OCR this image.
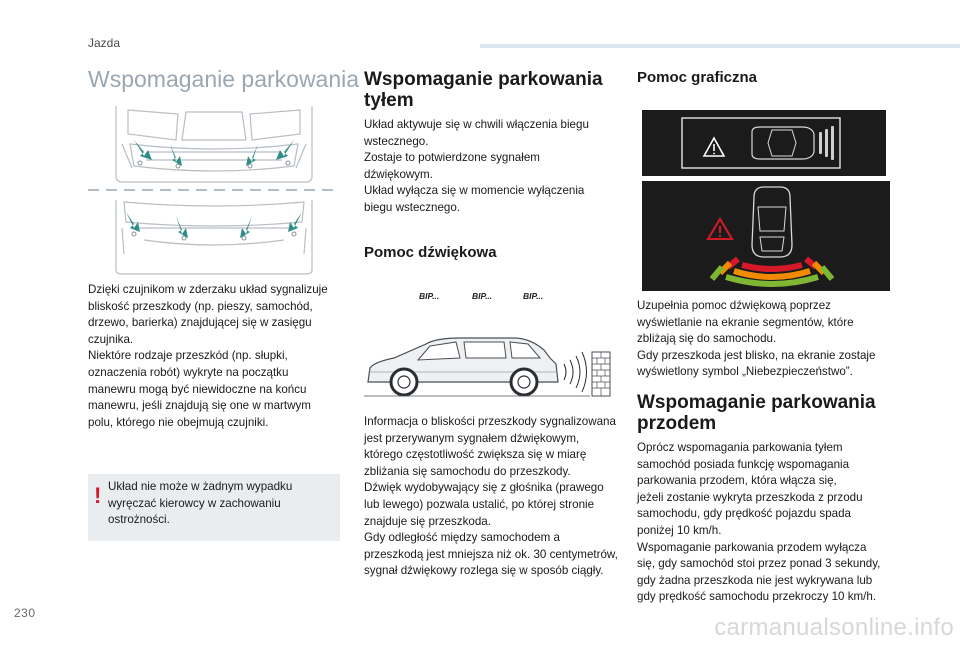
Jazda
230
carmanualsonline.info
Wspomaganie parkowania

Dzięki czujnikom w zderzaku układ sygnalizuje

bliskość przeszkody (np. pieszy, samochód,

drzewo, barierka) znajdującej się w zasięgu

czujnika.

Niektóre rodzaje przeszkód (np. słupki,

oznaczenia robót) wykryte na początku

manewru mogą być niewidoczne na końcu

manewru, jeśli znajdują się one w martwym

polu, którego nie obejmują czujniki.

! Układ nie może w żadnym wypadku

wyręczać kierowcy w zachowaniu

ostrożności.

Wspomaganie parkowania
tyłem

Układ aktywuje się w chwili włączenia biegu

wstecznego.

Zostaje to potwierdzone sygnałem

dźwiękowym.

Układ wyłącza się w momencie wyłączenia

biegu wstecznego.

Pomoc dźwiękowa
BIP...	BIP...	BIP...

Informacja o bliskości przeszkody sygnalizowana

jest przerywanym sygnałem dźwiękowym,

którego częstotliwość zwiększa się w miarę

zbliżania się samochodu do przeszkody.

Dźwięk wydobywający się z głośnika (prawego

lub lewego) pozwala ustalić, po której stronie

znajduje się przeszkoda.

Gdy odległość między samochodem a

przeszkodą jest mniejsza niż ok. 30 centymetrów,

sygnał dźwiękowy rozlega się w sposób ciągły.

Pomoc graficzna

Uzupełnia pomoc dźwiękową poprzez

wyświetlanie na ekranie segmentów, które

zbliżają się do samochodu.

Gdy przeszkoda jest blisko, na ekranie zostaje

wyświetlony symbol „Niebezpieczeństwo”.

Wspomaganie parkowania
przodem

Oprócz wspomagania parkowania tyłem

samochód posiada funkcję wspomagania

parkowania przodem, która włącza się,

jeżeli zostanie wykryta przeszkoda z przodu

samochodu, gdy prędkość pojazdu spada

poniżej 10 km/h.

Wspomaganie parkowania przodem wyłącza

się, gdy samochód stoi przez ponad 3 sekundy,

gdy żadna przeszkoda nie jest wykrywana lub

gdy prędkość samochodu przekroczy 10 km/h.
